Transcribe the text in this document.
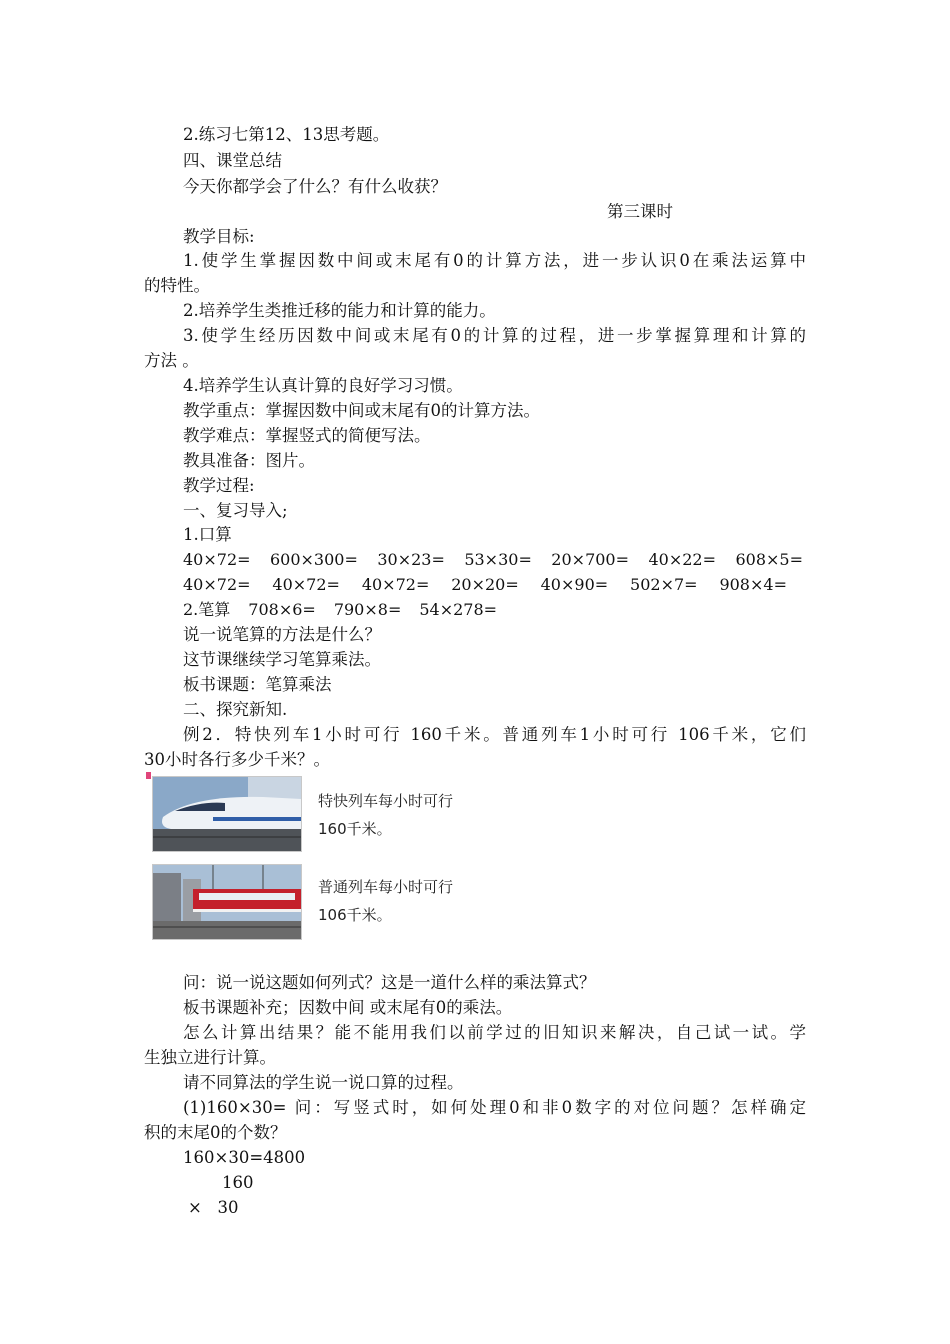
2.练习七第12、13思考题。
四、课堂总结
今天你都学会了什么？有什么收获？
第三课时
教学目标:
1.使学生掌握因数中间或末尾有0的计算方法，进一步认识0在乘法运算中
的特性。
2.培养学生类推迁移的能力和计算的能力。
3.使学生经历因数中间或末尾有0的计算的过程，进一步掌握算理和计算的
方法 。
4.培养学生认真计算的良好学习习惯。
教学重点：掌握因数中间或末尾有0的计算方法。
教学难点：掌握竖式的简便写法。
教具准备：图片。
教学过程:
一、复习导入;
1.口算
40×72= 600×300= 30×23= 53×30= 20×700= 40×22= 608×5=
40×72= 40×72= 40×72= 20×20= 40×90= 502×7= 908×4=
2.笔算 708×6= 790×8= 54×278=
说一说笔算的方法是什么？
这节课继续学习笔算乘法。
板书课题：笔算乘法
二、探究新知.
例2．特快列车1小时可行 160千米。普通列车1小时可行 106千米，它们
30小时各行多少千米？。
特快列车每小时可行
160千米。
普通列车每小时可行
106千米。
问：说一说这题如何列式？这是一道什么样的乘法算式？
板书课题补充；因数中间 或末尾有0的乘法。
怎么计算出结果？能不能用我们以前学过的旧知识来解决，自己试一试。学
生独立进行计算。
请不同算法的学生说一说口算的过程。
(1)160×30= 问：写竖式时，如何处理0和非0数字的对位问题？怎样确定
积的末尾0的个数？
160×30=4800
160
×   30
